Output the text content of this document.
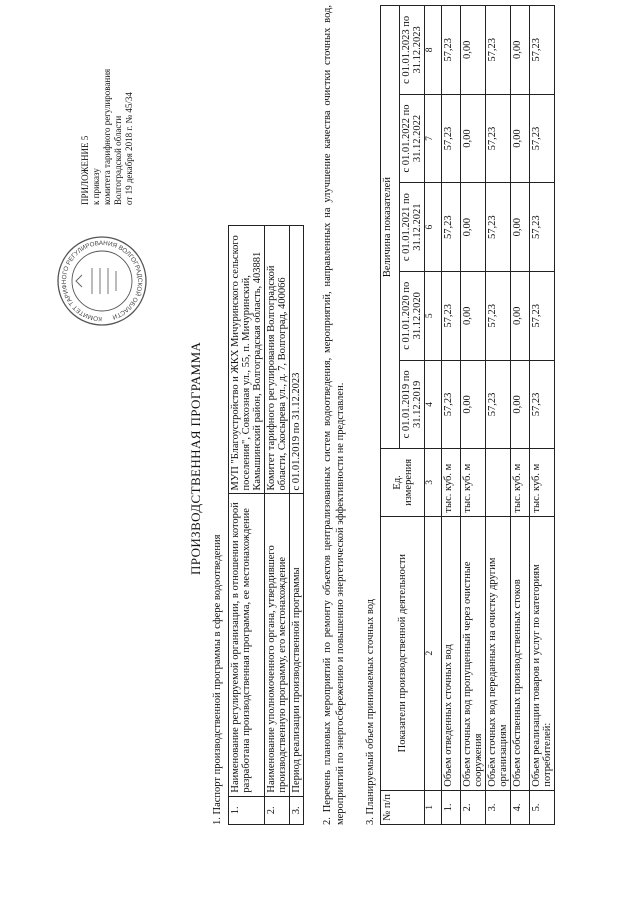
ПРИЛОЖЕНИЕ 5 к приказу комитета тарифного регулирования Волгоградской области от 19 декабря 2018 г. № 45/34
КОМИТЕТ ТАРИФНОГО РЕГУЛИРОВАНИЯ ВОЛГОГРАДСКОЙ ОБЛАСТИ
ПРОИЗВОДСТВЕННАЯ ПРОГРАММА
1. Паспорт производственной программы в сфере водоотведения 1.	Наименование регулируемой организации, в отношении которой разработана производственная программа, ее местонахождение	МУП "Благоустройство и ЖКХ Мичуринского сельского поселения", Совхозная ул., 55, п. Мичуринский, Камышинский район, Волгоградская область, 403881
2.	Наименование уполномоченного органа, утвердившего производственную программу, его местонахождение	Комитет тарифного регулирования Волгоградской области, Скосырева ул., д. 7, Волгоград, 400066
3.	Период реализации производственной программы	с 01.01.2019 по 31.12.2023 2. Перечень плановых мероприятий по ремонту объектов централизованных систем водоотведения, мероприятий, направленных на улучшение качества очистки сточных вод, мероприятий по энергосбережению и повышению энергетической эффективности не представлен. 3. Планируемый объем принимаемых сточных вод № п/п	Показатели производственной деятельности	Ед. измерения	Величина показателей				
			с 01.01.2019 по 31.12.2019	с 01.01.2020 по 31.12.2020	с 01.01.2021 по 31.12.2021	с 01.01.2022 по 31.12.2022	с 01.01.2023 по 31.12.2023
1	2	3	4	5	6	7	8
1.	Объем отведенных сточных вод	тыс. куб. м	57,23	57,23	57,23	57,23	57,23
2.	Объем сточных вод пропущенный через очистные сооружения	тыс. куб. м	0,00	0,00	0,00	0,00	0,00
3.	Объём сточных вод переданных на очистку другим организациям		57,23	57,23	57,23	57,23	57,23
4.	Объем собственных производственных стоков	тыс. куб. м	0,00	0,00	0,00	0,00	0,00
5.	Объем реализации товаров и услуг по категориям потребителей:	тыс. куб. м	57,23	57,23	57,23	57,23	57,23
